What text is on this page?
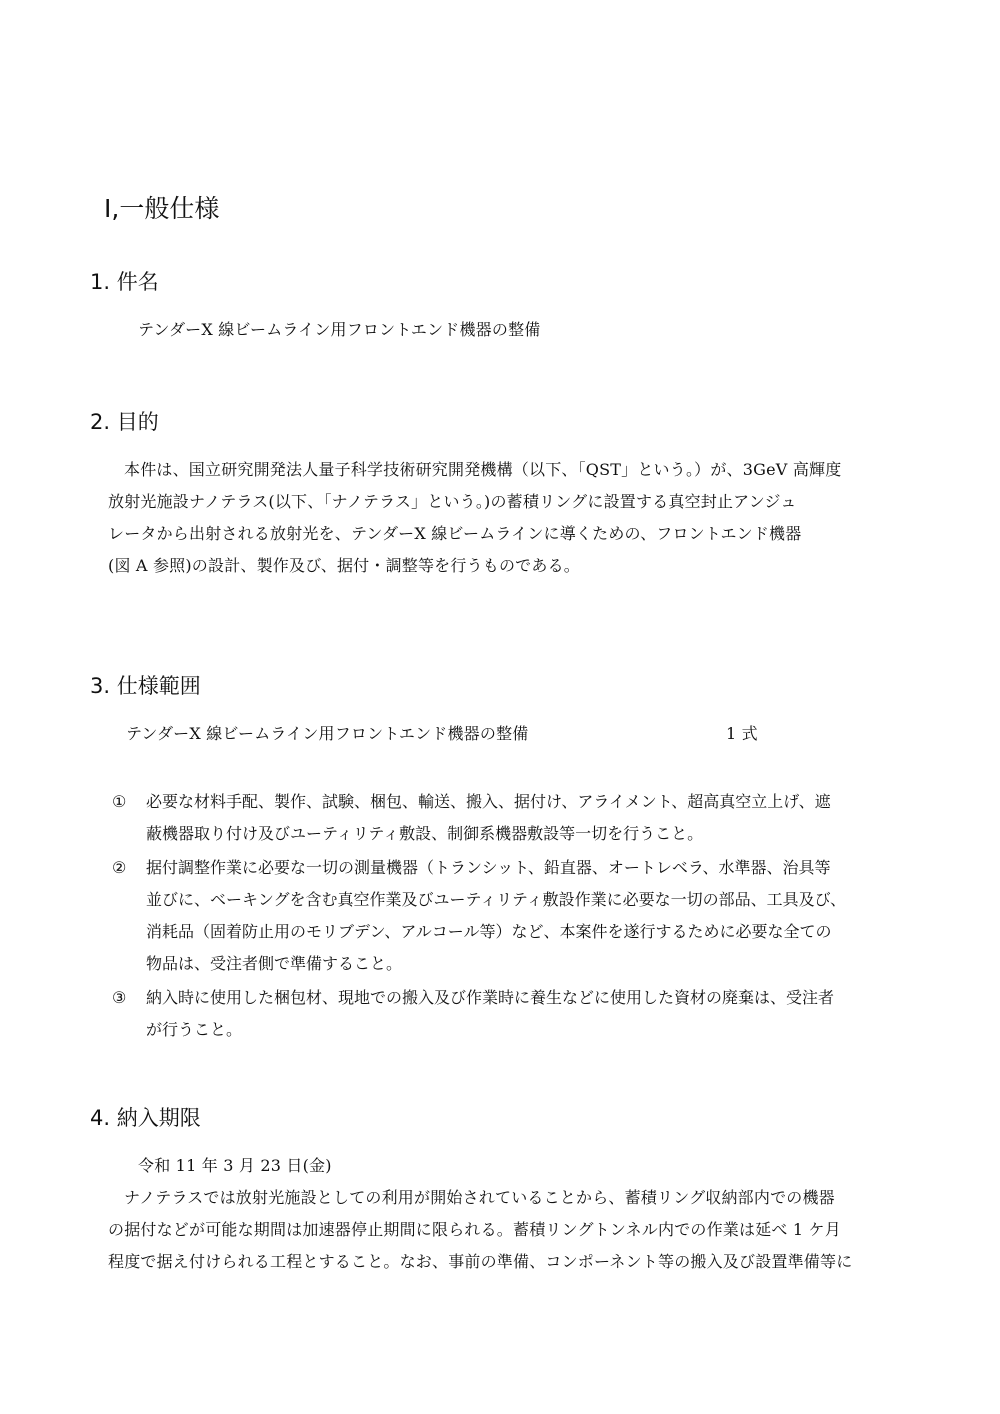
I,一般仕様
1. 件名
テンダーX 線ビームライン用フロントエンド機器の整備
2. 目的
本件は、国立研究開発法人量子科学技術研究開発機構（以下、「QST」という。）が、3GeV 高輝度
放射光施設ナノテラス(以下、「ナノテラス」という。)の蓄積リングに設置する真空封止アンジュ
レータから出射される放射光を、テンダーX 線ビームラインに導くための、フロントエンド機器
(図 A 参照)の設計、製作及び、据付・調整等を行うものである。
3. 仕様範囲
テンダーX 線ビームライン用フロントエンド機器の整備	1 式
① 必要な材料手配、製作、試験、梱包、輸送、搬入、据付け、アライメント、超高真空立上げ、遮
蔽機器取り付け及びユーティリティ敷設、制御系機器敷設等一切を行うこと。
② 据付調整作業に必要な一切の測量機器（トランシット、鉛直器、オートレベラ、水準器、治具等
並びに、ベーキングを含む真空作業及びユーティリティ敷設作業に必要な一切の部品、工具及び、
消耗品（固着防止用のモリブデン、アルコール等）など、本案件を遂行するために必要な全ての
物品は、受注者側で準備すること。
③ 納入時に使用した梱包材、現地での搬入及び作業時に養生などに使用した資材の廃棄は、受注者
が行うこと。
4. 納入期限
令和 11 年 3 月 23 日(金)
ナノテラスでは放射光施設としての利用が開始されていることから、蓄積リング収納部内での機器
の据付などが可能な期間は加速器停止期間に限られる。蓄積リングトンネル内での作業は延べ 1 ケ月
程度で据え付けられる工程とすること。なお、事前の準備、コンポーネント等の搬入及び設置準備等に
